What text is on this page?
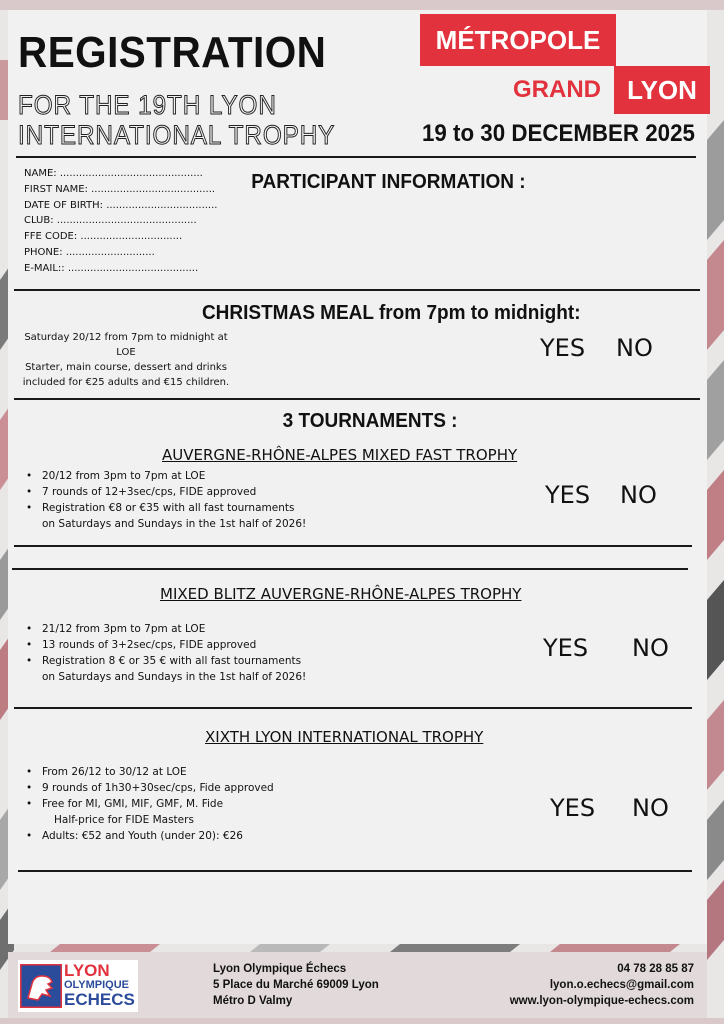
REGISTRATION
FOR THE 19TH LYON
INTERNATIONAL TROPHY
MÉTROPOLE
GRAND	LYON
19 to 30 DECEMBER 2025
NAME: .............................................
FIRST NAME: .......................................
DATE OF BIRTH: ...................................
CLUB: ............................................
FFE CODE: ................................
PHONE: ............................
E-MAIL:: .........................................
PARTICIPANT INFORMATION :
CHRISTMAS MEAL from 7pm to midnight:
Saturday 20/12 from 7pm to midnight at
LOE
Starter, main course, dessert and drinks
included for €25 adults and €15 children.
YES NO
3 TOURNAMENTS :
AUVERGNE-RHÔNE-ALPES MIXED FAST TROPHY
• 20/12 from 3pm to 7pm at LOE
• 7 rounds of 12+3sec/cps, FIDE approved
• Registration €8 or €35 with all fast tournaments
on Saturdays and Sundays in the 1st half of 2026!
YES NO
MIXED BLITZ AUVERGNE-RHÔNE-ALPES TROPHY
• 21/12 from 3pm to 7pm at LOE
• 13 rounds of 3+2sec/cps, FIDE approved
• Registration 8 € or 35 € with all fast tournaments
on Saturdays and Sundays in the 1st half of 2026!
YES NO
XIXTH LYON INTERNATIONAL TROPHY
• From 26/12 to 30/12 at LOE
• 9 rounds of 1h30+30sec/cps, Fide approved
• Free for MI, GMI, MIF, GMF, M. Fide
Half-price for FIDE Masters
• Adults: €52 and Youth (under 20): €26
YES NO
LYON
OLYMPIQUE
ECHECS
Lyon Olympique Échecs
5 Place du Marché 69009 Lyon
Métro D Valmy
04 78 28 85 87
lyon.o.echecs@gmail.com
www.lyon-olympique-echecs.com
